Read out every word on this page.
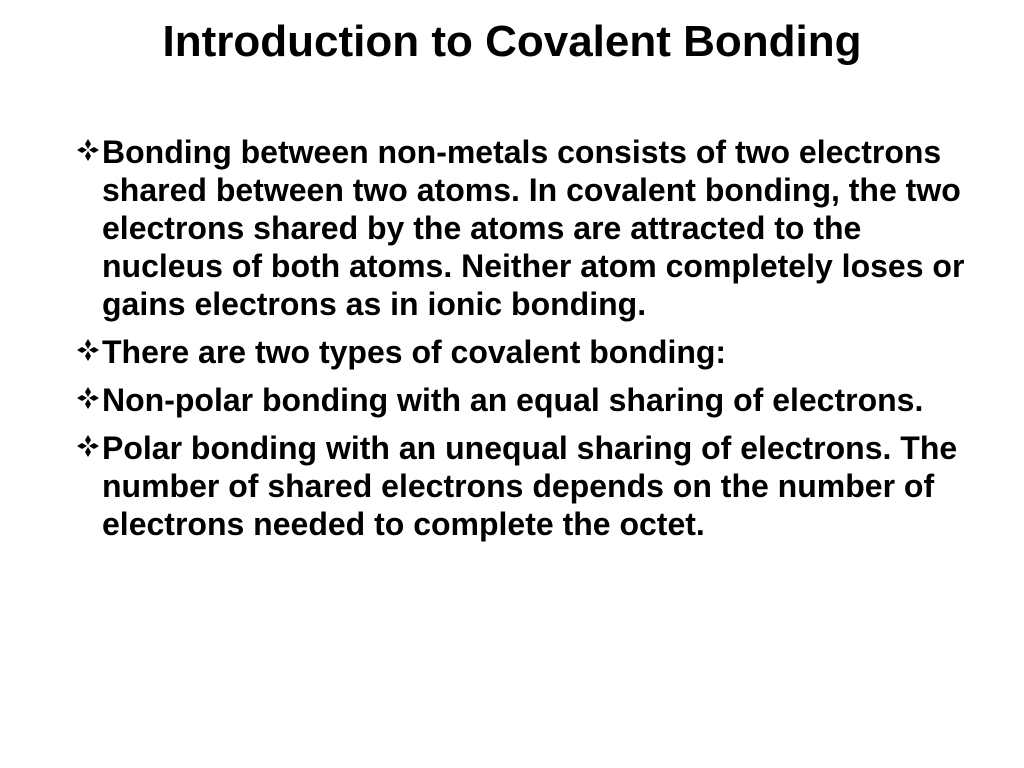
Introduction to Covalent Bonding
Bonding between non-metals consists of two electrons shared between two atoms. In covalent bonding, the two electrons shared by the atoms are attracted to the nucleus of both atoms. Neither atom completely loses or gains electrons as in ionic bonding.
There are two types of covalent bonding:
Non-polar bonding with an equal sharing of electrons.
Polar bonding with an unequal sharing of electrons. The number of shared electrons depends on the number of electrons needed to complete the octet.
